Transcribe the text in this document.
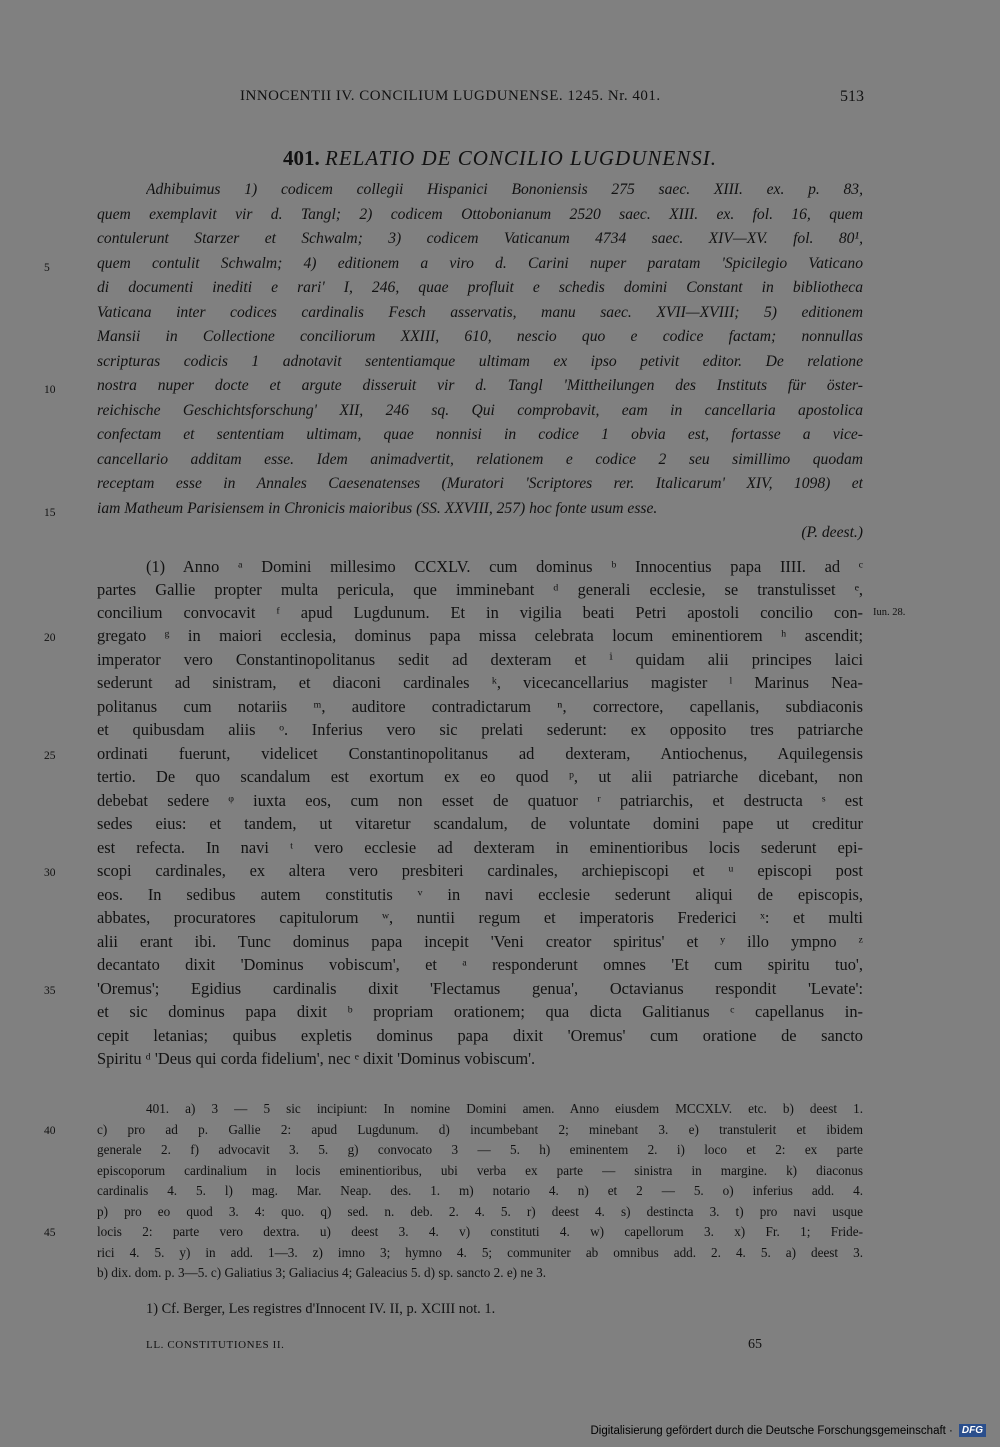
INNOCENTII IV. CONCILIUM LUGDUNENSE. 1245. Nr. 401.	513
401. RELATIO DE CONCILIO LUGDUNENSI.
Adhibuimus 1) codicem collegii Hispanici Bononiensis 275 saec. XIII. ex. p. 83,
quem exemplavit vir d. Tangl; 2) codicem Ottobonianum 2520 saec. XIII. ex. fol. 16, quem
contulerunt Starzer et Schwalm; 3) codicem Vaticanum 4734 saec. XIV—XV. fol. 80¹,
quem contulit Schwalm; 4) editionem a viro d. Carini nuper paratam 'Spicilegio Vaticano
di documenti inediti e rari' I, 246, quae profluit e schedis domini Constant in bibliotheca
Vaticana inter codices cardinalis Fesch asservatis, manu saec. XVII—XVIII; 5) editionem
Mansii in Collectione conciliorum XXIII, 610, nescio quo e codice factam; nonnullas
scripturas codicis 1 adnotavit sententiamque ultimam ex ipso petivit editor. De relatione
nostra nuper docte et argute disseruit vir d. Tangl 'Mittheilungen des Instituts für öster-
reichische Geschichtsforschung' XII, 246 sq. Qui comprobavit, eam in cancellaria apostolica
confectam et sententiam ultimam, quae nonnisi in codice 1 obvia est, fortasse a vice-
cancellario additam esse. Idem animadvertit, relationem e codice 2 seu simillimo quodam
receptam esse in Annales Caesenatenses (Muratori 'Scriptores rer. Italicarum' XIV, 1098) et
iam Matheum Parisiensem in Chronicis maioribus (SS. XXVIII, 257) hoc fonte usum esse.
(P. deest.)
(1) Anno ᵃ Domini millesimo CCXLV. cum dominus ᵇ Innocentius papa IIII. ad ᶜ
partes Gallie propter multa pericula, que imminebant ᵈ generali ecclesie, se transtulisset ᵉ,
concilium convocavit ᶠ apud Lugdunum. Et in vigilia beati Petri apostoli concilio con-
gregato ᵍ in maiori ecclesia, dominus papa missa celebrata locum eminentiorem ʰ ascendit;
imperator vero Constantinopolitanus sedit ad dexteram et ⁱ quidam alii principes laici
sederunt ad sinistram, et diaconi cardinales ᵏ, vicecancellarius magister ˡ Marinus Nea-
politanus cum notariis ᵐ, auditore contradictarum ⁿ, correctore, capellanis, subdiaconis
et quibusdam aliis ᵒ. Inferius vero sic prelati sederunt: ex opposito tres patriarche
ordinati fuerunt, videlicet Constantinopolitanus ad dexteram, Antiochenus, Aquilegensis
tertio. De quo scandalum est exortum ex eo quod ᵖ, ut alii patriarche dicebant, non
debebat sedere ᵠ iuxta eos, cum non esset de quatuor ʳ patriarchis, et destructa ˢ est
sedes eius: et tandem, ut vitaretur scandalum, de voluntate domini pape ut creditur
est refecta. In navi ᵗ vero ecclesie ad dexteram in eminentioribus locis sederunt epi-
scopi cardinales, ex altera vero presbiteri cardinales, archiepiscopi et ᵘ episcopi post
eos. In sedibus autem constitutis ᵛ in navi ecclesie sederunt aliqui de episcopis,
abbates, procuratores capitulorum ʷ, nuntii regum et imperatoris Frederici ˣ: et multi
alii erant ibi. Tunc dominus papa incepit 'Veni creator spiritus' et ʸ illo ympno ᶻ
decantato dixit 'Dominus vobiscum', et ᵃ responderunt omnes 'Et cum spiritu tuo',
'Oremus'; Egidius cardinalis dixit 'Flectamus genua', Octavianus respondit 'Levate':
et sic dominus papa dixit ᵇ propriam orationem; qua dicta Galitianus ᶜ capellanus in-
cepit letanias; quibus expletis dominus papa dixit 'Oremus' cum oratione de sancto
Spiritu ᵈ 'Deus qui corda fidelium', nec ᵉ dixit 'Dominus vobiscum'.
Iun. 28.
401. a) 3 — 5 sic incipiunt: In nomine Domini amen. Anno eiusdem MCCXLV. etc. b) deest 1.
c) pro ad p. Gallie 2: apud Lugdunum. d) incumbebant 2; minebant 3. e) transtulerit et ibidem
generale 2. f) advocavit 3. 5. g) convocato 3 — 5. h) eminentem 2. i) loco et 2: ex parte
episcoporum cardinalium in locis eminentioribus, ubi verba ex parte — sinistra in margine. k) diaconus
cardinalis 4. 5. l) mag. Mar. Neap. des. 1. m) notario 4. n) et 2 — 5. o) inferius add. 4.
p) pro eo quod 3. 4: quo. q) sed. n. deb. 2. 4. 5. r) deest 4. s) destincta 3. t) pro navi usque
locis 2: parte vero dextra. u) deest 3. 4. v) constituti 4. w) capellorum 3. x) Fr. 1; Fride-
rici 4. 5. y) in add. 1—3. z) imno 3; hymno 4. 5; communiter ab omnibus add. 2. 4. 5. a) deest 3.
b) dix. dom. p. 3—5. c) Galiatius 3; Galiacius 4; Galeacius 5. d) sp. sancto 2. e) ne 3.
5
10
15
20
25
30
35
40
45
1) Cf. Berger, Les registres d'Innocent IV. II, p. XCIII not. 1.
LL. CONSTITUTIONES II.	65
Digitalisierung gefördert durch die Deutsche Forschungsgemeinschaft · DFG
